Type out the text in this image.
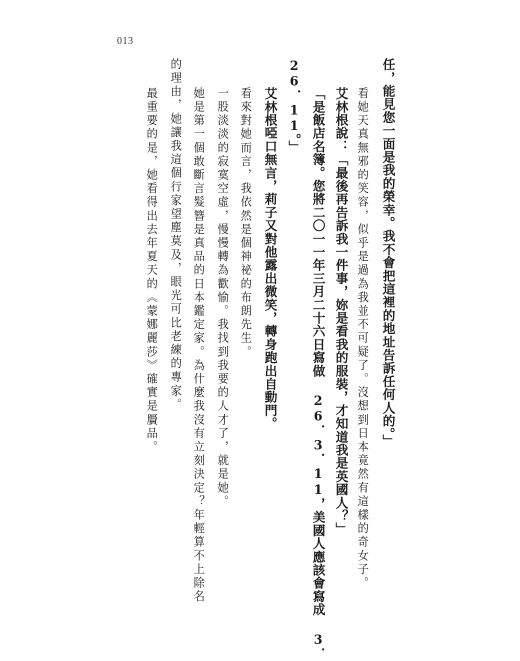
013
任，能見您一面是我的榮幸。我不會把這裡的地址告訴任何人的。」
看她天真無邪的笑容，似乎是過為我並不可疑了。沒想到日本竟然有這樣的奇女子。
艾林根說：「最後再告訴我一件事，妳是看我的服裝，才知道我是英國人？」
「是飯店名簿。您將二〇一一年三月二十六日寫做 26．3．11，美國人應該會寫成 3．
26．11。」
艾林根啞口無言，莉子又對他露出微笑，轉身跑出自動門。
看來對她而言，我依然是個神祕的布朗先生。
一股淡淡的寂寞空虛，慢慢轉為歡愉。我找到我要的人才了，就是她。
她是第一個敢斷言髮簪是真品的日本鑑定家。為什麼我沒有立刻決定？年輕算不上除名
的理由，她讓我這個行家望塵莫及，眼光可比老練的專家。
最重要的是，她看得出去年夏天的《蒙娜麗莎》確實是贗品。
